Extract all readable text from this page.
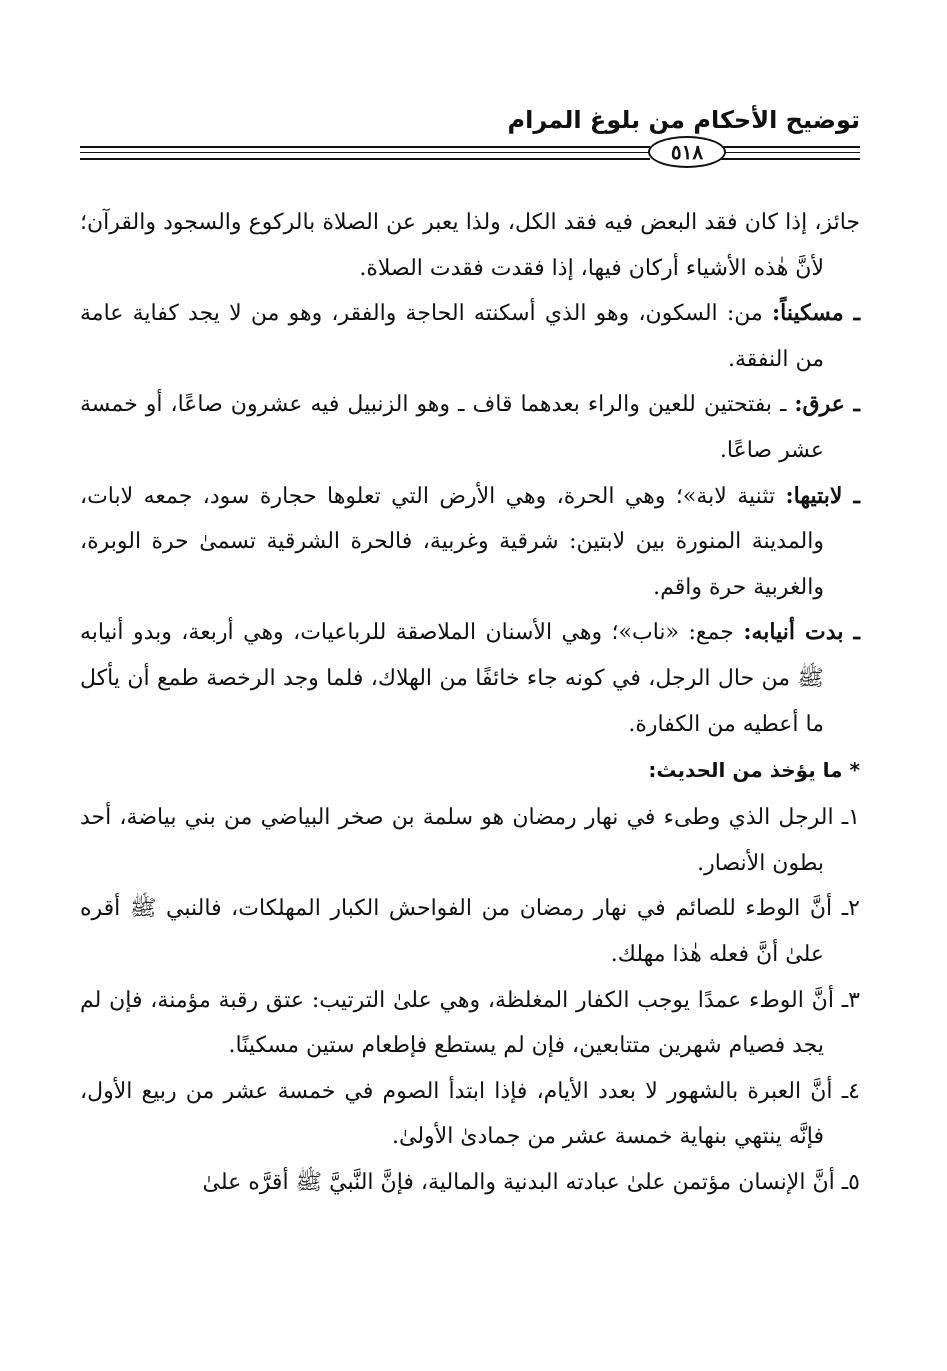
توضيح الأحكام من بلوغ المرام
٥١٨

جائز، إذا كان فقد البعض فيه فقد الكل، ولذا يعبر عن الصلاة بالركوع والسجود والقرآن؛ لأنَّ هٰذه الأشياء أركان فيها، إذا فقدت فقدت الصلاة.

ـ مسكيناً: من: السكون، وهو الذي أسكنته الحاجة والفقر، وهو من لا يجد كفاية عامة من النفقة.

ـ عرق: ـ بفتحتين للعين والراء بعدهما قاف ـ وهو الزنبيل فيه عشرون صاعًا، أو خمسة عشر صاعًا.

ـ لابتيها: تثنية لابة»؛ وهي الحرة، وهي الأرض التي تعلوها حجارة سود، جمعه لابات، والمدينة المنورة بين لابتين: شرقية وغربية، فالحرة الشرقية تسمىٰ حرة الوبرة، والغربية حرة واقم.

ـ بدت أنيابه: جمع: «ناب»؛ وهي الأسنان الملاصقة للرباعيات، وهي أربعة، وبدو أنيابه ﷺ من حال الرجل، في كونه جاء خائفًا من الهلاك، فلما وجد الرخصة طمع أن يأكل ما أعطيه من الكفارة.

* ما يؤخذ من الحديث:

١ـ الرجل الذي وطىء في نهار رمضان هو سلمة بن صخر البياضي من بني بياضة، أحد بطون الأنصار.

٢ـ أنَّ الوطء للصائم في نهار رمضان من الفواحش الكبار المهلكات، فالنبي ﷺ أقره علىٰ أنَّ فعله هٰذا مهلك.

٣ـ أنَّ الوطء عمدًا يوجب الكفار المغلظة، وهي علىٰ الترتيب: عتق رقبة مؤمنة، فإن لم يجد فصيام شهرين متتابعين، فإن لم يستطع فإطعام ستين مسكينًا.

٤ـ أنَّ العبرة بالشهور لا بعدد الأيام، فإذا ابتدأ الصوم في خمسة عشر من ربيع الأول، فإنَّه ينتهي بنهاية خمسة عشر من جمادىٰ الأولىٰ.

٥ـ أنَّ الإنسان مؤتمن علىٰ عبادته البدنية والمالية، فإنَّ النَّبيَّ ﷺ أقرَّه علىٰ
